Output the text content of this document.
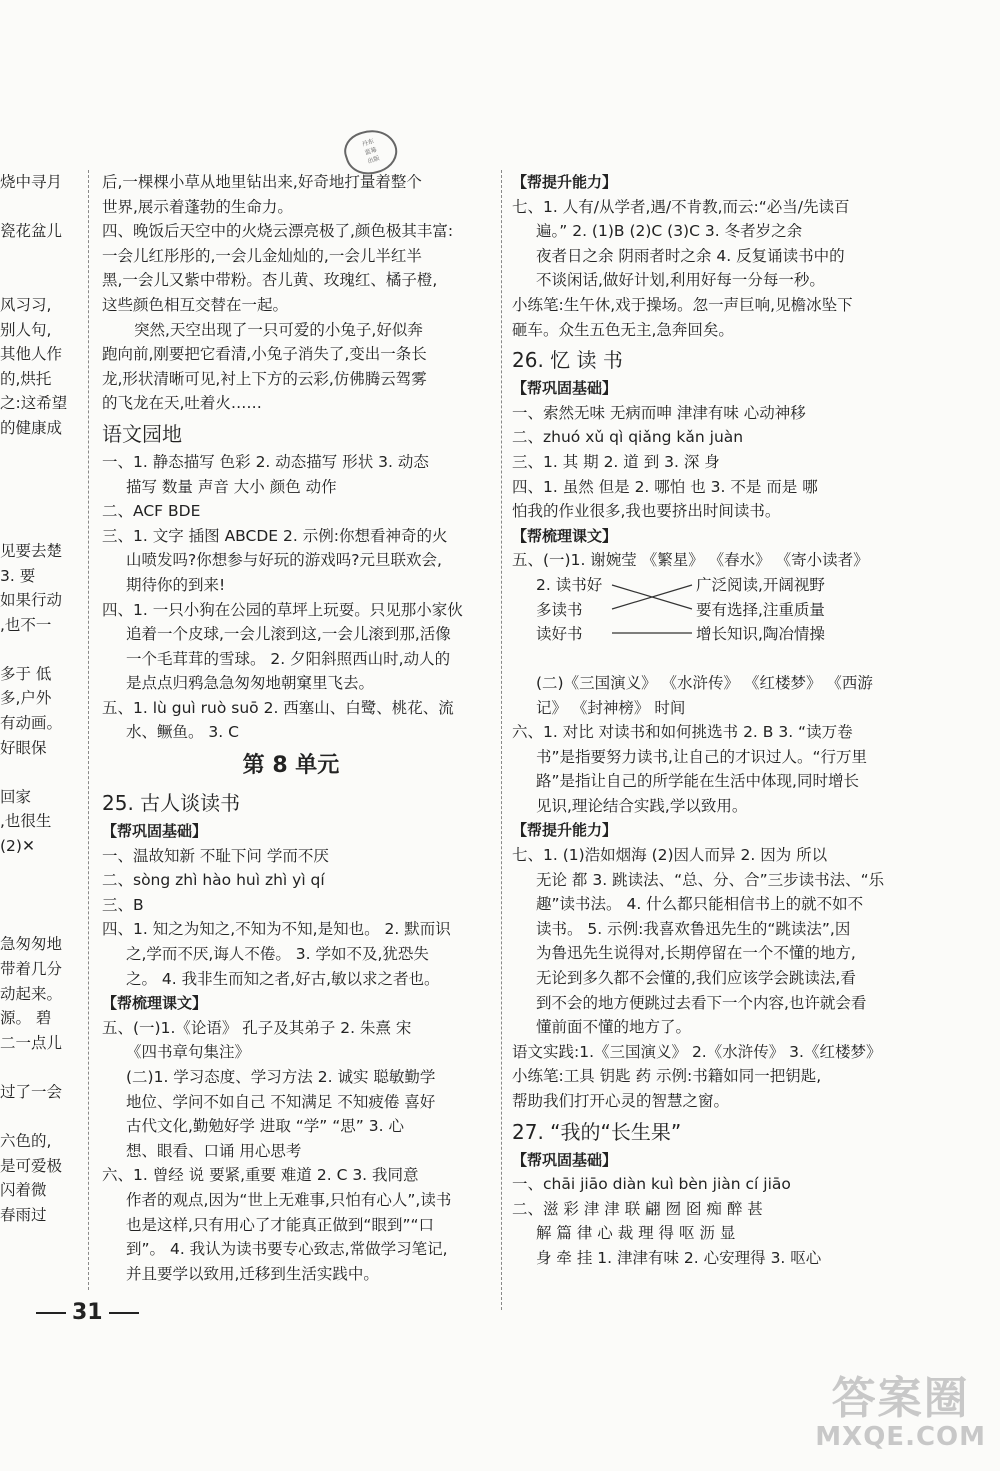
丹东
蓝莓
出版
烧中寻月
瓷花盆儿
风习习,
别人句,
其他人作
的,烘托
之:这希望
的健康成
见要去楚
3. 要
如果行动
,也不一
多于 低
多,户外
有动画。
好眼保
回家
,也很生
(2)✕
急匆匆地
带着几分
动起来。
源。 碧
二一点儿
过了一会
六色的,
是可爱极
闪着微
春雨过
后,一棵棵小草从地里钻出来,好奇地打量着整个
世界,展示着蓬勃的生命力。
四、晚饭后天空中的火烧云漂亮极了,颜色极其丰富:
一会儿红彤彤的,一会儿金灿灿的,一会儿半红半
黑,一会儿又紫中带粉。杏儿黄、玫瑰红、橘子橙,
这些颜色相互交替在一起。
突然,天空出现了一只可爱的小兔子,好似奔
跑向前,刚要把它看清,小兔子消失了,变出一条长
龙,形状清晰可见,衬上下方的云彩,仿佛腾云驾雾
的飞龙在天,吐着火……
语文园地
一、1. 静态描写 色彩 2. 动态描写 形状 3. 动态
描写 数量 声音 大小 颜色 动作
二、ACF BDE
三、1. 文字 插图 ABCDE 2. 示例:你想看神奇的火
山喷发吗?你想参与好玩的游戏吗?元旦联欢会,
期待你的到来!
四、1. 一只小狗在公园的草坪上玩耍。只见那小家伙
追着一个皮球,一会儿滚到这,一会儿滚到那,活像
一个毛茸茸的雪球。 2. 夕阳斜照西山时,动人的
是点点归鸦急急匆匆地朝窠里飞去。
五、1. lù guì ruò suō 2. 西塞山、白鹭、桃花、流
水、鳜鱼。 3. C
第 8 单元
25. 古人谈读书
【帮巩固基础】
一、温故知新 不耻下问 学而不厌
二、sòng zhì hào huì zhì yì qí
三、B
四、1. 知之为知之,不知为不知,是知也。 2. 默而识
之,学而不厌,诲人不倦。 3. 学如不及,犹恐失
之。 4. 我非生而知之者,好古,敏以求之者也。
【帮梳理课文】
五、(一)1.《论语》 孔子及其弟子 2. 朱熹 宋
《四书章句集注》
(二)1. 学习态度、学习方法 2. 诚实 聪敏勤学
地位、学问不如自己 不知满足 不知疲倦 喜好
古代文化,勤勉好学 进取 “学” “思” 3. 心
想、眼看、口诵 用心思考
六、1. 曾经 说 要紧,重要 难道 2. C 3. 我同意
作者的观点,因为“世上无难事,只怕有心人”,读书
也是这样,只有用心了才能真正做到“眼到”“口
到”。 4. 我认为读书要专心致志,常做学习笔记,
并且要学以致用,迁移到生活实践中。
【帮提升能力】
七、1. 人有/从学者,遇/不肯教,而云:“必当/先读百
遍。” 2. (1)B (2)C (3)C 3. 冬者岁之余
夜者日之余 阴雨者时之余 4. 反复诵读书中的
不谈闲话,做好计划,利用好每一分每一秒。
小练笔:生午休,戏于操场。忽一声巨响,见檐冰坠下
砸车。众生五色无主,急奔回矣。
26. 忆 读 书
【帮巩固基础】
一、索然无味 无病而呻 津津有味 心动神移
二、zhuó xǔ qì qiǎng kǎn juàn
三、1. 其 期 2. 道 到 3. 深 身
四、1. 虽然 但是 2. 哪怕 也 3. 不是 而是 哪
怕我的作业很多,我也要挤出时间读书。
【帮梳理课文】
五、(一)1. 谢婉莹 《繁星》 《春水》 《寄小读者》
2. 读书好
多读书
读好书
广泛阅读,开阔视野
要有选择,注重质量
增长知识,陶冶情操
(二)《三国演义》 《水浒传》 《红楼梦》 《西游
记》 《封神榜》 时间
六、1. 对比 对读书和如何挑选书 2. B 3. “读万卷
书”是指要努力读书,让自己的才识过人。“行万里
路”是指让自己的所学能在生活中体现,同时增长
见识,理论结合实践,学以致用。
【帮提升能力】
七、1. (1)浩如烟海 (2)因人而异 2. 因为 所以
无论 都 3. 跳读法、“总、分、合”三步读书法、“乐
趣”读书法。 4. 什么都只能相信书上的就不如不
读书。 5. 示例:我喜欢鲁迅先生的“跳读法”,因
为鲁迅先生说得对,长期停留在一个不懂的地方,
无论到多久都不会懂的,我们应该学会跳读法,看
到不会的地方便跳过去看下一个内容,也许就会看
懂前面不懂的地方了。
语文实践:1.《三国演义》 2.《水浒传》 3.《红楼梦》
小练笔:工具 钥匙 药 示例:书籍如同一把钥匙,
帮助我们打开心灵的智慧之窗。
27. “我的“长生果”
【帮巩固基础】
一、chāi jiāo diàn kuì bèn jiàn cí jiāo
二、滋 彩 津 津 联 翩 囫 囵 痴 醉 甚
解 篇 律 心 裁 理 得 呕 沥 显
身 牵 挂 1. 津津有味 2. 心安理得 3. 呕心
31
答案圈
MXQE.COM
